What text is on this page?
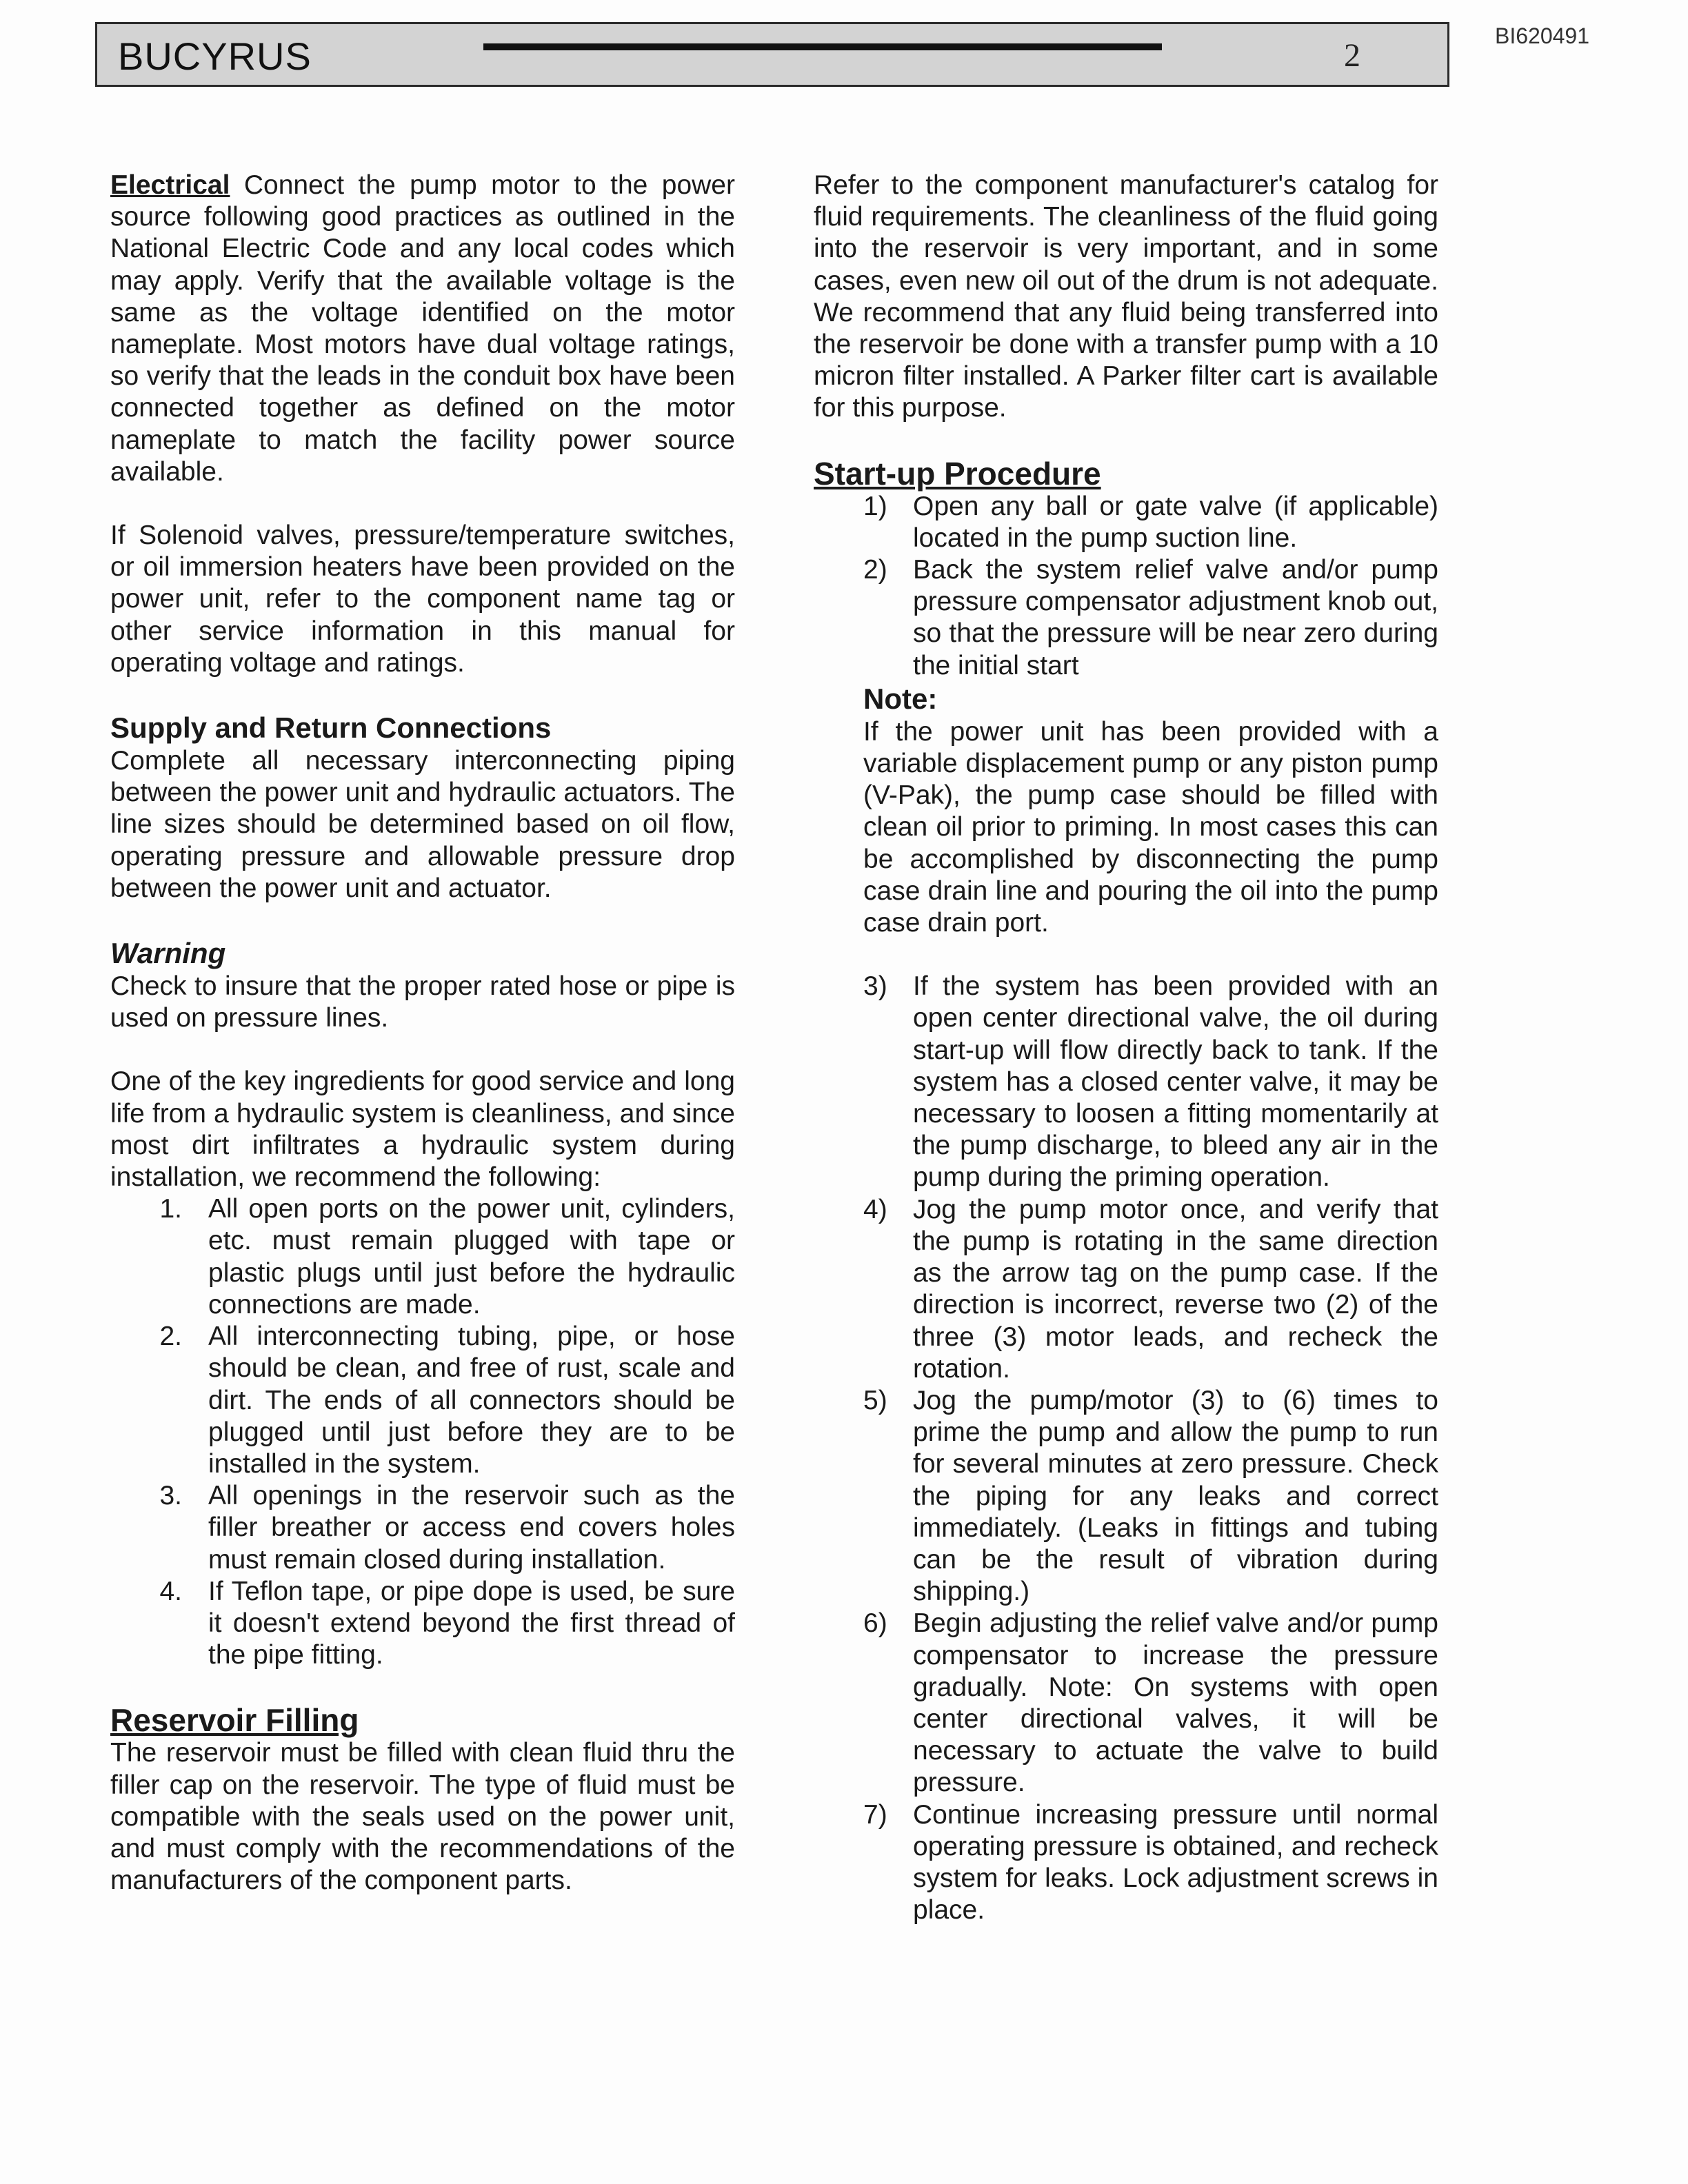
BUCYRUS	2
BI620491

Electrical Connect the pump motor to the power source following good practices as outlined in the National Electric Code and any local codes which may apply. Verify that the available voltage is the same as the voltage identified on the motor nameplate. Most motors have dual voltage ratings, so verify that the leads in the conduit box have been connected together as defined on the motor nameplate to match the facility power source available.

If Solenoid valves, pressure/temperature switches, or oil immersion heaters have been provided on the power unit, refer to the component name tag or other service information in this manual for operating voltage and ratings.

Supply and Return Connections

Complete all necessary interconnecting piping between the power unit and hydraulic actuators. The line sizes should be determined based on oil flow, operating pressure and allowable pressure drop between the power unit and actuator.

Warning

Check to insure that the proper rated hose or pipe is used on pressure lines.

One of the key ingredients for good service and long life from a hydraulic system is cleanliness, and since most dirt infiltrates a hydraulic system during installation, we recommend the following:

1. All open ports on the power unit, cylinders, etc. must remain plugged with tape or plastic plugs until just before the hydraulic connections are made.
2. All interconnecting tubing, pipe, or hose should be clean, and free of rust, scale and dirt. The ends of all connectors should be plugged until just before they are to be installed in the system.
3. All openings in the reservoir such as the filler breather or access end covers holes must remain closed during installation.
4. If Teflon tape, or pipe dope is used, be sure it doesn't extend beyond the first thread of the pipe fitting.
Reservoir Filling

The reservoir must be filled with clean fluid thru the filler cap on the reservoir. The type of fluid must be compatible with the seals used on the power unit, and must comply with the recommendations of the manufacturers of the component parts.

Refer to the component manufacturer's catalog for fluid requirements. The cleanliness of the fluid going into the reservoir is very important, and in some cases, even new oil out of the drum is not adequate. We recommend that any fluid being transferred into the reservoir be done with a transfer pump with a 10 micron filter installed. A Parker filter cart is available for this purpose.

Start-up Procedure
1) Open any ball or gate valve (if applicable) located in the pump suction line.
2) Back the system relief valve and/or pump pressure compensator adjustment knob out, so that the pressure will be near zero during the initial start
Note:

If the power unit has been provided with a variable displacement pump or any piston pump (V-Pak), the pump case should be filled with clean oil prior to priming. In most cases this can be accomplished by disconnecting the pump case drain line and pouring the oil into the pump case drain port.

3) If the system has been provided with an open center directional valve, the oil during start-up will flow directly back to tank. If the system has a closed center valve, it may be necessary to loosen a fitting momentarily at the pump discharge, to bleed any air in the pump during the priming operation.
4) Jog the pump motor once, and verify that the pump is rotating in the same direction as the arrow tag on the pump case. If the direction is incorrect, reverse two (2) of the three (3) motor leads, and recheck the rotation.
5) Jog the pump/motor (3) to (6) times to prime the pump and allow the pump to run for several minutes at zero pressure. Check the piping for any leaks and correct immediately. (Leaks in fittings and tubing can be the result of vibration during shipping.)
6) Begin adjusting the relief valve and/or pump compensator to increase the pressure gradually. Note: On systems with open center directional valves, it will be necessary to actuate the valve to build pressure.
7) Continue increasing pressure until normal operating pressure is obtained, and recheck system for leaks. Lock adjustment screws in place.
